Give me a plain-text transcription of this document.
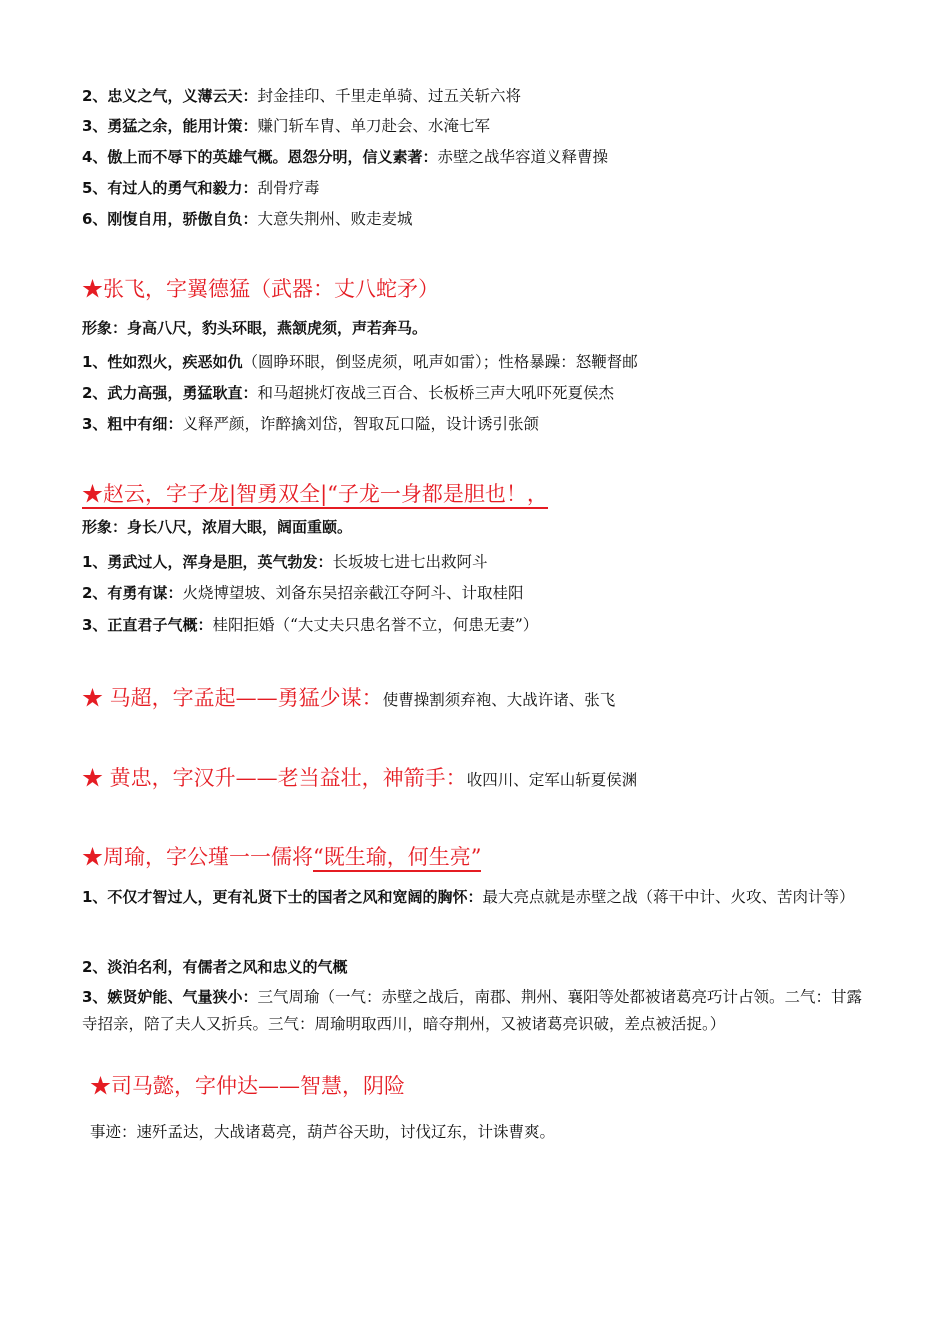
2、忠义之气，义薄云天：封金挂印、千里走单骑、过五关斩六将
3、勇猛之余，能用计策：赚门斩车胄、单刀赴会、水淹七军
4、傲上而不辱下的英雄气概。恩怨分明，信义素著：赤壁之战华容道义释曹操
5、有过人的勇气和毅力：刮骨疗毒
6、刚愎自用，骄傲自负：大意失荆州、败走麦城
★张飞，字翼德猛（武器：丈八蛇矛）
形象：身高八尺，豹头环眼，燕颔虎须，声若奔马。
1、性如烈火，疾恶如仇（圆睁环眼，倒竖虎须，吼声如雷）；性格暴躁：怒鞭督邮
2、武力高强，勇猛耿直：和马超挑灯夜战三百合、长板桥三声大吼吓死夏侯杰
3、粗中有细：义释严颜，诈醉擒刘岱，智取瓦口隘，设计诱引张颌
★赵云，字子龙|智勇双全|“子龙一身都是胆也！，
形象：身长八尺，浓眉大眼，阔面重颐。
1、勇武过人，浑身是胆，英气勃发：长坂坡七进七出救阿斗
2、有勇有谋：火烧博望坡、刘备东吴招亲截江夺阿斗、计取桂阳
3、正直君子气概：桂阳拒婚（“大丈夫只患名誉不立，何患无妻”）
★ 马超，字孟起——勇猛少谋：使曹操割须弃袍、大战许诸、张飞
★ 黄忠，字汉升——老当益壮，神箭手：收四川、定军山斩夏侯渊
★周瑜，字公瑾一一儒将“既生瑜，何生亮”
1、不仅才智过人，更有礼贤下士的国者之风和宽阔的胸怀：最大亮点就是赤壁之战（蒋干中计、火攻、苦肉计等）
2、淡泊名利，有儒者之风和忠义的气概
3、嫉贤妒能、气量狭小：三气周瑜（一气：赤壁之战后，南郡、荆州、襄阳等处都被诸葛亮巧计占领。二气：甘露寺招亲，陪了夫人又折兵。三气：周瑜明取西川，暗夺荆州，又被诸葛亮识破，差点被活捉。）
★司马懿，字仲达——智慧，阴险
事迹：速歼孟达，大战诸葛亮，葫芦谷天助，讨伐辽东，计诛曹爽。
